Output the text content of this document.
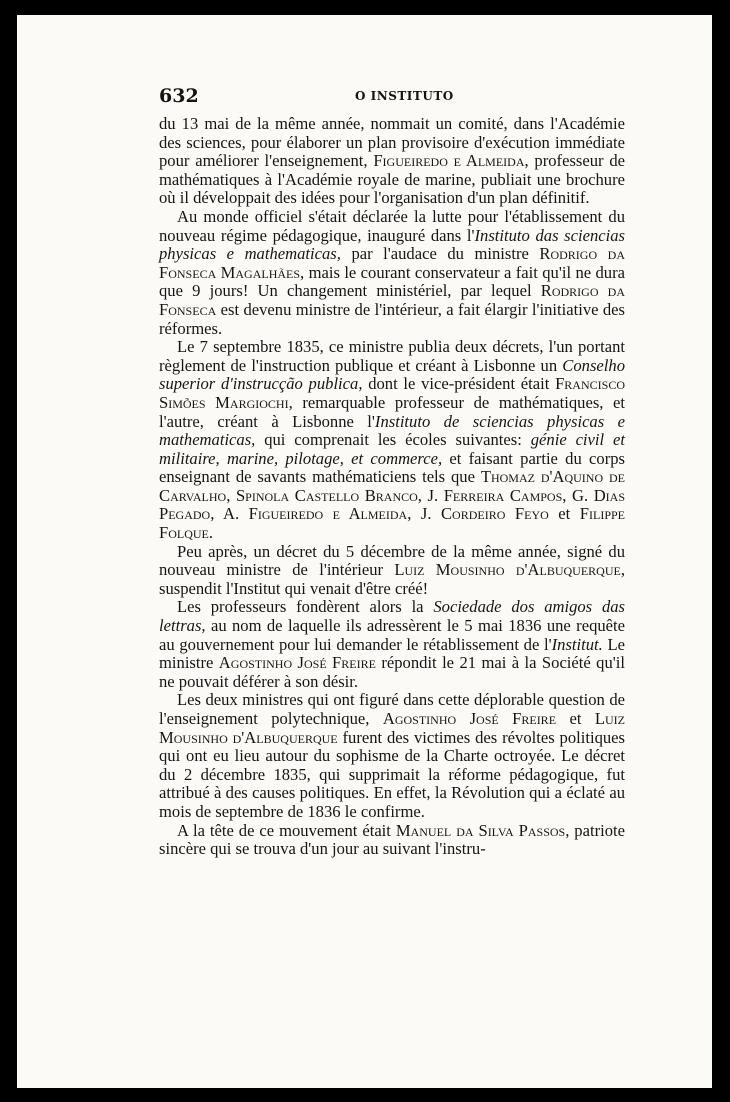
632	O INSTITUTO

du 13 mai de la même année, nommait un comité, dans l'Académie des sciences, pour élaborer un plan provisoire d'exécution immédiate pour améliorer l'enseignement, Figueiredo e Almeida, professeur de mathématiques à l'Académie royale de marine, publiait une brochure où il développait des idées pour l'organisation d'un plan définitif.

Au monde officiel s'était déclarée la lutte pour l'établissement du nouveau régime pédagogique, inauguré dans l'Instituto das sciencias physicas e mathematicas, par l'audace du ministre Rodrigo da Fonseca Magalhães, mais le courant conservateur a fait qu'il ne dura que 9 jours! Un changement ministériel, par lequel Rodrigo da Fonseca est devenu ministre de l'intérieur, a fait élargir l'initiative des réformes.

Le 7 septembre 1835, ce ministre publia deux décrets, l'un portant règlement de l'instruction publique et créant à Lisbonne un Conselho superior d'instrucção publica, dont le vice-président était Francisco Simões Margiochi, remarquable professeur de mathématiques, et l'autre, créant à Lisbonne l'Instituto de sciencias physicas e mathematicas, qui comprenait les écoles suivantes: génie civil et militaire, marine, pilotage, et commerce, et faisant partie du corps enseignant de savants mathématiciens tels que Thomaz d'Aquino de Carvalho, Spinola Castello Branco, J. Ferreira Campos, G. Dias Pegado, A. Figueiredo e Almeida, J. Cordeiro Feyo et Filippe Folque.

Peu après, un décret du 5 décembre de la même année, signé du nouveau ministre de l'intérieur Luiz Mousinho d'Albuquerque, suspendit l'Institut qui venait d'être créé!

Les professeurs fondèrent alors la Sociedade dos amigos das lettras, au nom de laquelle ils adressèrent le 5 mai 1836 une requête au gouvernement pour lui demander le rétablissement de l'Institut. Le ministre Agostinho José Freire répondit le 21 mai à la Société qu'il ne pouvait déférer à son désir.

Les deux ministres qui ont figuré dans cette déplorable question de l'enseignement polytechnique, Agostinho José Freire et Luiz Mousinho d'Albuquerque furent des victimes des révoltes politiques qui ont eu lieu autour du sophisme de la Charte octroyée. Le décret du 2 décembre 1835, qui supprimait la réforme pédagogique, fut attribué à des causes politiques. En effet, la Révolution qui a éclaté au mois de septembre de 1836 le confirme.

A la tête de ce mouvement était Manuel da Silva Passos, patriote sincère qui se trouva d'un jour au suivant l'instru-
